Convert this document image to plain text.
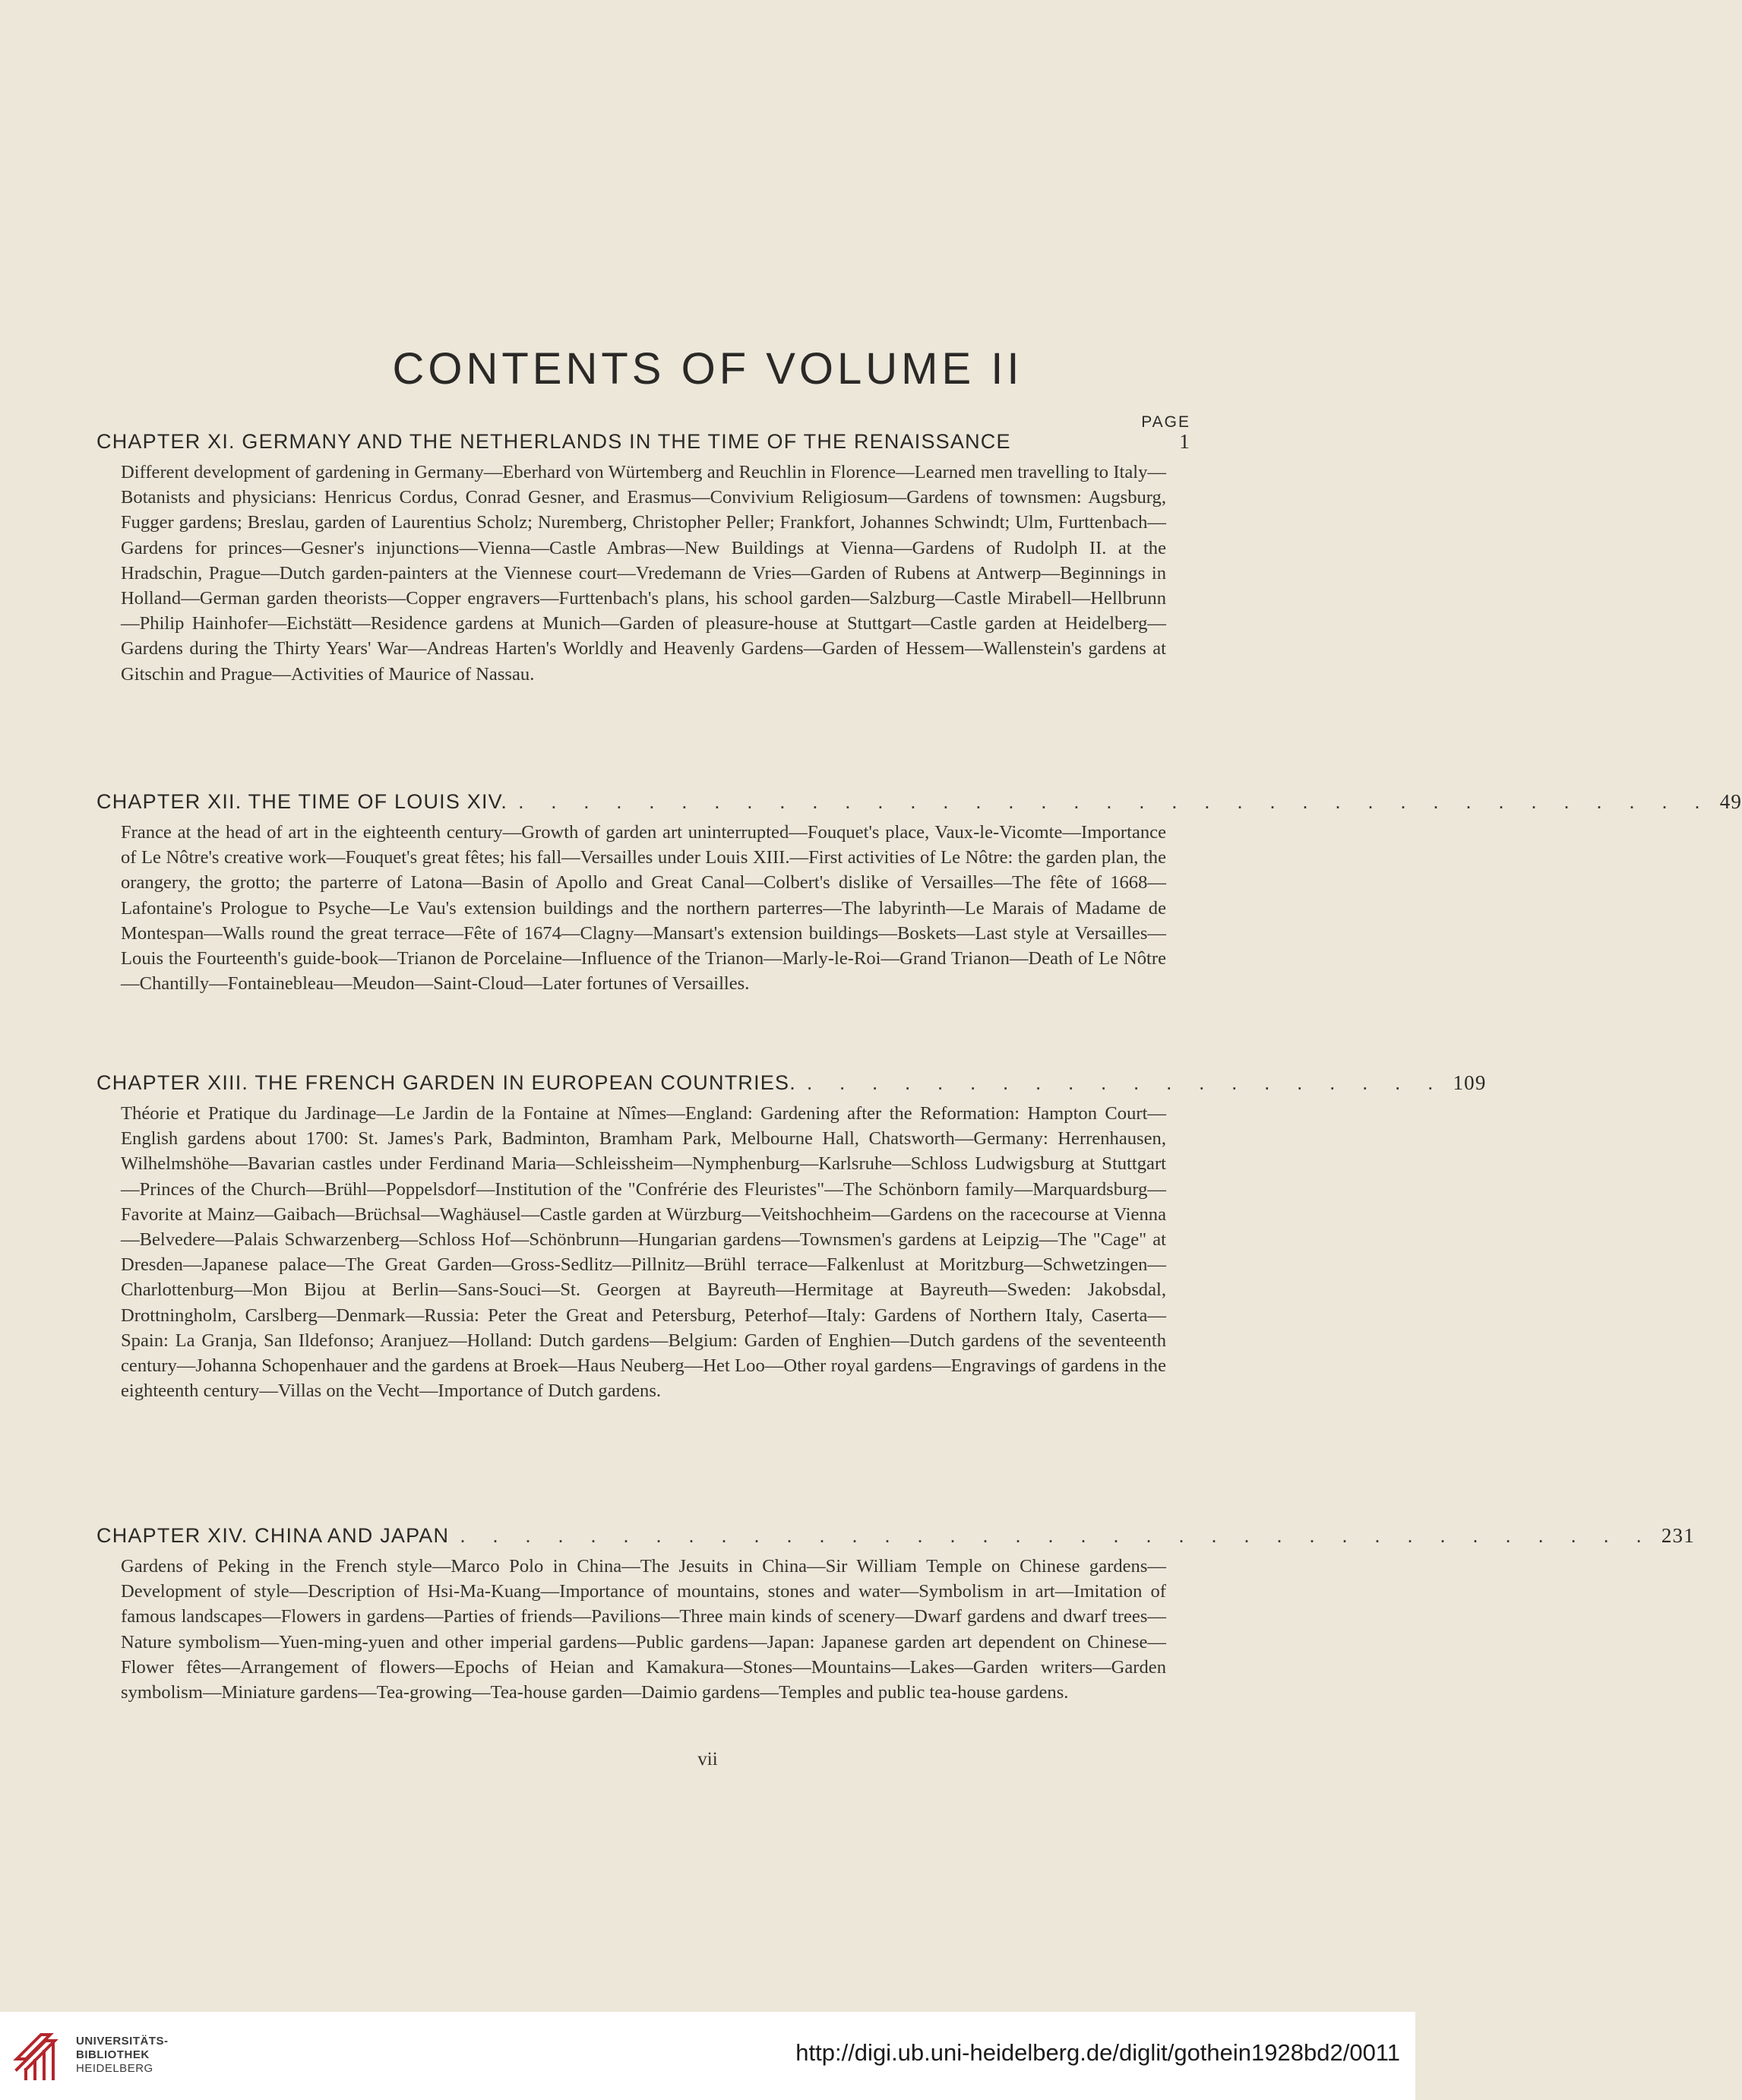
CONTENTS OF VOLUME II
PAGE
CHAPTER XI. GERMANY AND THE NETHERLANDS IN THE TIME OF THE RENAISSANCE	1

Different development of gardening in Germany—Eberhard von Würtemberg and Reuchlin in Florence—Learned men travelling to Italy—Botanists and physicians: Henricus Cordus, Conrad Gesner, and Erasmus—Convivium Religiosum—Gardens of townsmen: Augsburg, Fugger gardens; Breslau, garden of Laurentius Scholz; Nuremberg, Christopher Peller; Frankfort, Johannes Schwindt; Ulm, Furttenbach—Gardens for princes—Gesner's injunctions—Vienna—Castle Ambras—New Buildings at Vienna—Gardens of Rudolph II. at the Hradschin, Prague—Dutch garden-painters at the Viennese court—Vredemann de Vries—Garden of Rubens at Antwerp—Beginnings in Holland—German garden theorists—Copper engravers—Furttenbach's plans, his school garden—Salzburg—Castle Mirabell—Hellbrunn—Philip Hainhofer—Eichstätt—Residence gardens at Munich—Garden of pleasure-house at Stuttgart—Castle garden at Heidelberg—Gardens during the Thirty Years' War—Andreas Harten's Worldly and Heavenly Gardens—Garden of Hessem—Wallenstein's gardens at Gitschin and Prague—Activities of Maurice of Nassau.

CHAPTER XII. THE TIME OF LOUIS XIV. . . . . . . . . . . . . . . . . . . . . . . . . . . . . . . . . . . . . . 49

France at the head of art in the eighteenth century—Growth of garden art uninterrupted—Fouquet's place, Vaux-le-Vicomte—Importance of Le Nôtre's creative work—Fouquet's great fêtes; his fall—Versailles under Louis XIII.—First activities of Le Nôtre: the garden plan, the orangery, the grotto; the parterre of Latona—Basin of Apollo and Great Canal—Colbert's dislike of Versailles—The fête of 1668—Lafontaine's Prologue to Psyche—Le Vau's extension buildings and the northern parterres—The labyrinth—Le Marais of Madame de Montespan—Walls round the great terrace—Fête of 1674—Clagny—Mansart's extension buildings—Boskets—Last style at Versailles—Louis the Fourteenth's guide-book—Trianon de Porcelaine—Influence of the Trianon—Marly-le-Roi—Grand Trianon—Death of Le Nôtre—Chantilly—Fontainebleau—Meudon—Saint-Cloud—Later fortunes of Versailles.

CHAPTER XIII. THE FRENCH GARDEN IN EUROPEAN COUNTRIES. . . . . . . . . . . . . . . . . . . . . 109

Théorie et Pratique du Jardinage—Le Jardin de la Fontaine at Nîmes—England: Gardening after the Reformation: Hampton Court—English gardens about 1700: St. James's Park, Badminton, Bramham Park, Melbourne Hall, Chatsworth—Germany: Herrenhausen, Wilhelmshöhe—Bavarian castles under Ferdinand Maria—Schleissheim—Nymphenburg—Karlsruhe—Schloss Ludwigsburg at Stuttgart—Princes of the Church—Brühl—Poppelsdorf—Institution of the "Confrérie des Fleuristes"—The Schönborn family—Marquardsburg—Favorite at Mainz—Gaibach—Brüchsal—Waghäusel—Castle garden at Würzburg—Veitshochheim—Gardens on the racecourse at Vienna—Belvedere—Palais Schwarzenberg—Schloss Hof—Schönbrunn—Hungarian gardens—Townsmen's gardens at Leipzig—The "Cage" at Dresden—Japanese palace—The Great Garden—Gross-Sedlitz—Pillnitz—Brühl terrace—Falkenlust at Moritzburg—Schwetzingen—Charlottenburg—Mon Bijou at Berlin—Sans-Souci—St. Georgen at Bayreuth—Hermitage at Bayreuth—Sweden: Jakobsdal, Drottningholm, Carslberg—Denmark—Russia: Peter the Great and Petersburg, Peterhof—Italy: Gardens of Northern Italy, Caserta—Spain: La Granja, San Ildefonso; Aranjuez—Holland: Dutch gardens—Belgium: Garden of Enghien—Dutch gardens of the seventeenth century—Johanna Schopenhauer and the gardens at Broek—Haus Neuberg—Het Loo—Other royal gardens—Engravings of gardens in the eighteenth century—Villas on the Vecht—Importance of Dutch gardens.

CHAPTER XIV. CHINA AND JAPAN . . . . . . . . . . . . . . . . . . . . . . . . . . . . . . . . . . . . . 231

Gardens of Peking in the French style—Marco Polo in China—The Jesuits in China—Sir William Temple on Chinese gardens—Development of style—Description of Hsi-Ma-Kuang—Importance of mountains, stones and water—Symbolism in art—Imitation of famous landscapes—Flowers in gardens—Parties of friends—Pavilions—Three main kinds of scenery—Dwarf gardens and dwarf trees—Nature symbolism—Yuen-ming-yuen and other imperial gardens—Public gardens—Japan: Japanese garden art dependent on Chinese—Flower fêtes—Arrangement of flowers—Epochs of Heian and Kamakura—Stones—Mountains—Lakes—Garden writers—Garden symbolism—Miniature gardens—Tea-growing—Tea-house garden—Daimio gardens—Temples and public tea-house gardens.

vii
UNIVERSITÄTS-
BIBLIOTHEK
HEIDELBERG
http://digi.ub.uni-heidelberg.de/diglit/gothein1928bd2/0011
